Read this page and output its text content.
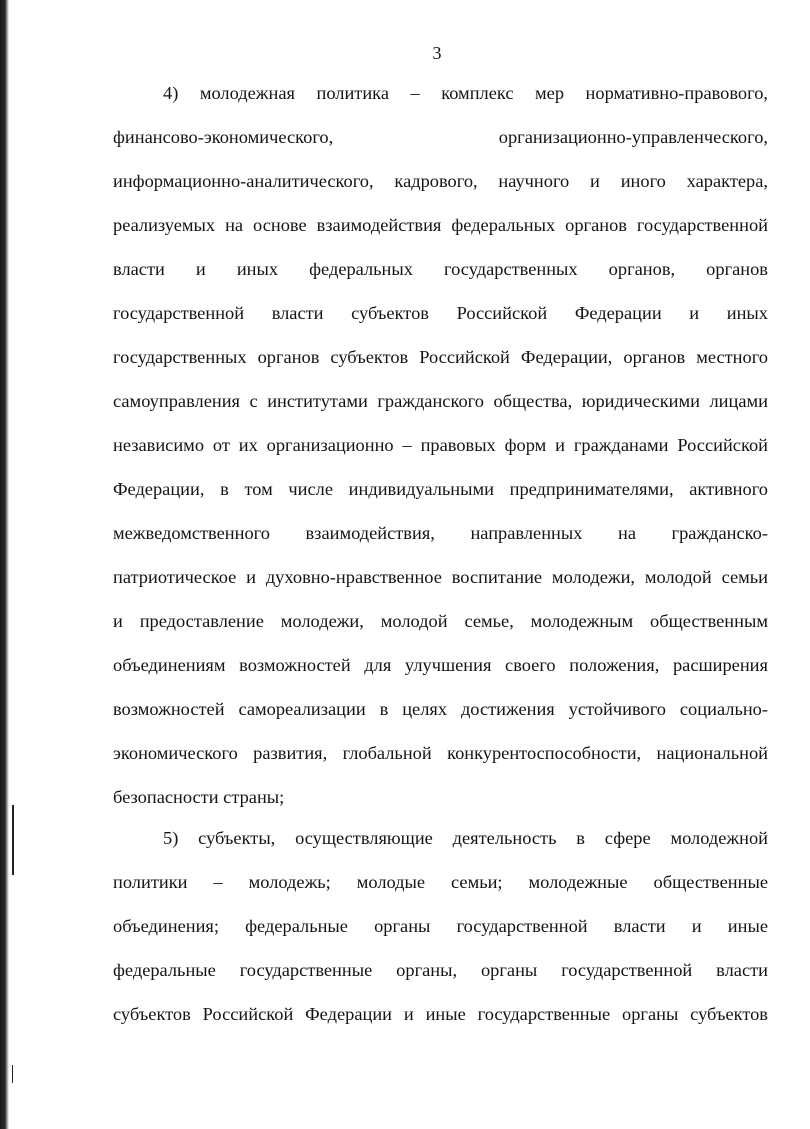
3
4) молодежная политика – комплекс мер нормативно-правового,
финансово-экономического, организационно-управленческого,
информационно-аналитического, кадрового, научного и иного характера,
реализуемых на основе взаимодействия федеральных органов государственной
власти и иных федеральных государственных органов, органов
государственной власти субъектов Российской Федерации и иных
государственных органов субъектов Российской Федерации, органов местного
самоуправления с институтами гражданского общества, юридическими лицами
независимо от их организационно – правовых форм и гражданами Российской
Федерации, в том числе индивидуальными предпринимателями, активного
межведомственного взаимодействия, направленных на гражданско-
патриотическое и духовно-нравственное воспитание молодежи, молодой семьи
и предоставление молодежи, молодой семье, молодежным общественным
объединениям возможностей для улучшения своего положения, расширения
возможностей самореализации в целях достижения устойчивого социально-
экономического развития, глобальной конкурентоспособности, национальной
безопасности страны;
5) субъекты, осуществляющие деятельность в сфере молодежной
политики – молодежь; молодые семьи; молодежные общественные
объединения; федеральные органы государственной власти и иные
федеральные государственные органы, органы государственной власти
субъектов Российской Федерации и иные государственные органы субъектов
